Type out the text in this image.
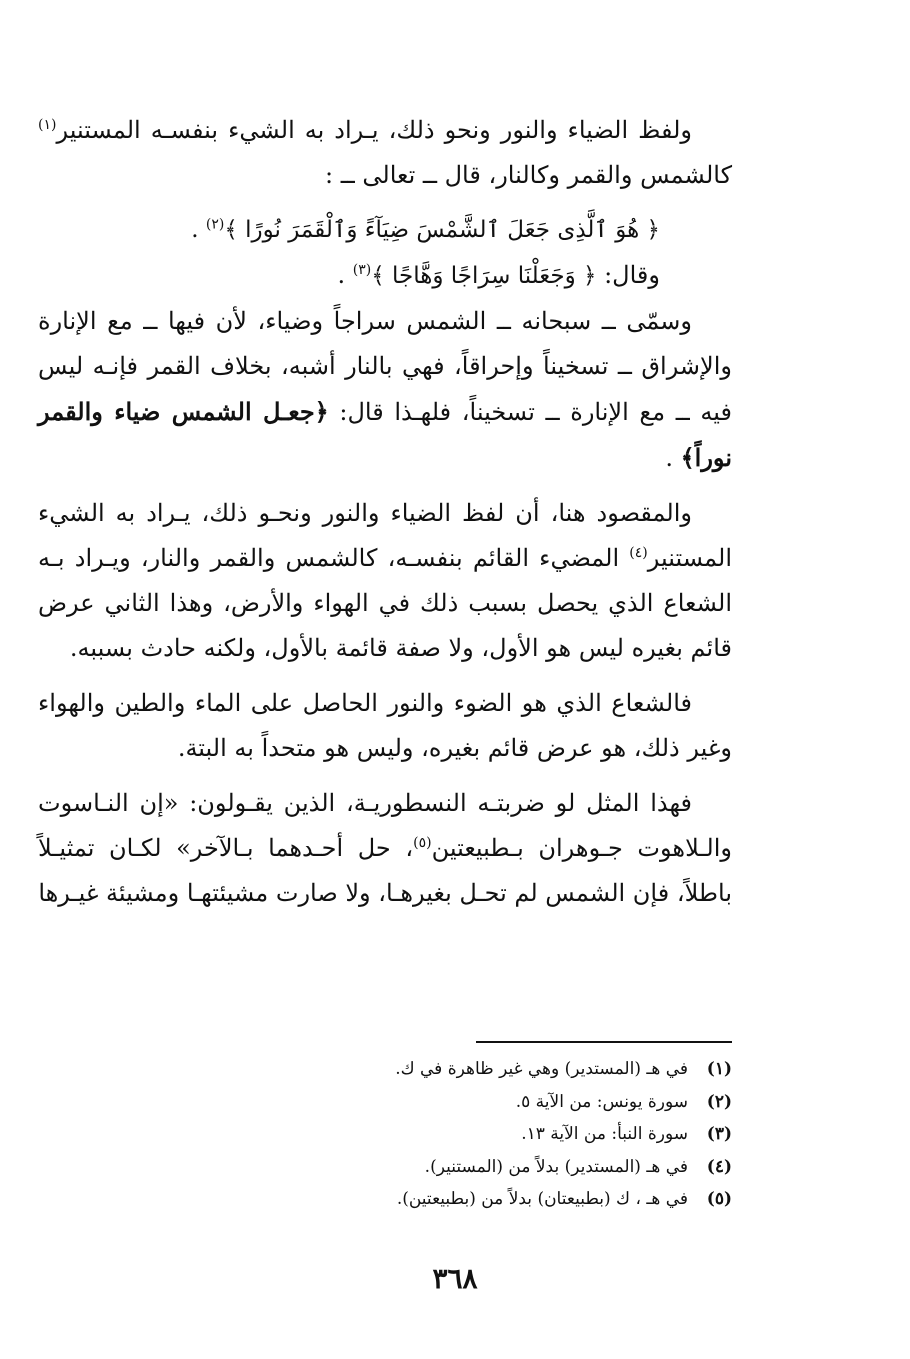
ولفظ الضياء والنور ونحو ذلك، يـراد به الشيء بنفسـه المستنير$^{(١)}$ كالشمس والقمر وكالنار، قال ــ تعالى ــ :

﴿ هُوَ ٱلَّذِى جَعَلَ ٱلشَّمْسَ ضِيَآءً وَٱلْقَمَرَ نُورًا ﴾$^{(٢)}$ .

وقال: ﴿ وَجَعَلْنَا سِرَاجًا وَهَّاجًا ﴾$^{(٣)}$ .

وسمّى ــ سبحانه ــ الشمس سراجاً وضياء، لأن فيها ــ مع الإنارة والإشراق ــ تسخيناً وإحراقاً، فهي بالنار أشبه، بخلاف القمر فإنـه ليس فيه ــ مع الإنارة ــ تسخيناً، فلهـذا قال: ﴿جعـل الشمس ضياء والقمر نوراً﴾ .

والمقصود هنا، أن لفظ الضياء والنور ونحـو ذلك، يـراد به الشيء المستنير$^{(٤)}$ المضيء القائم بنفسـه، كالشمس والقمر والنار، ويـراد بـه الشعاع الذي يحصل بسبب ذلك في الهواء والأرض، وهذا الثاني عرض قائم بغيره ليس هو الأول، ولا صفة قائمة بالأول، ولكنه حادث بسببه.

فالشعاع الذي هو الضوء والنور الحاصل على الماء والطين والهواء وغير ذلك، هو عرض قائم بغيره، وليس هو متحداً به البتة.

فهذا المثل لو ضربتـه النسطوريـة، الذين يقـولون: «إن النـاسوت والـلاهوت جـوهران بـطبيعتين$^{(٥)}$، حل أحـدهما بـالآخر» لكـان تمثيـلاً باطلاً، فإن الشمس لم تحـل بغيرهـا، ولا صارت مشيئتهـا ومشيئة غيـرها

(١)في هـ (المستدير) وهي غير ظاهرة في ك.

(٢)سورة يونس: من الآية ٥.

(٣)سورة النبأ: من الآية ١٣.

(٤)في هـ (المستدير) بدلاً من (المستنير).

(٥)في هـ ، ك (بطبيعتان) بدلاً من (بطبيعتين).

٣٦٨
